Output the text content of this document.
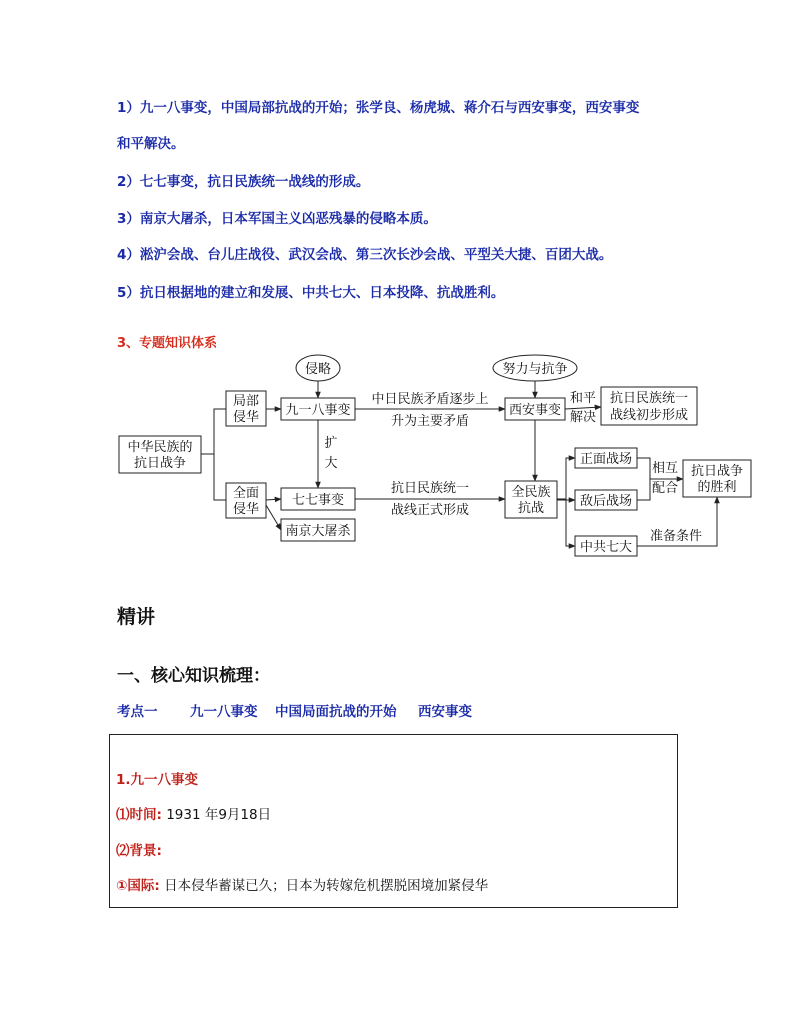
1）九一八事变，中国局部抗战的开始；张学良、杨虎城、蒋介石与西安事变，西安事变
和平解决。
2）七七事变，抗日民族统一战线的形成。
3）南京大屠杀，日本军国主义凶恶残暴的侵略本质。
4）淞沪会战、台儿庄战役、武汉会战、第三次长沙会战、平型关大捷、百团大战。
5）抗日根据地的建立和发展、中共七大、日本投降、抗战胜利。
3、专题知识体系
侵略	努力与抗争
中华民族的
抗日战争
局部
侵华
全面
侵华
九一八事变
七七事变
南京大屠杀
扩
大
中日民族矛盾逐步上
升为主要矛盾
西安事变
和平
解决
抗日民族统一
战线初步形成
抗日民族统一
战线正式形成
全民族
抗战
正面战场
敌后战场
中共七大
相互
配合
抗日战争
的胜利
准备条件
精讲
一、核心知识梳理：
考点一 九一八事变 中国局面抗战的开始 西安事变
1.九一八事变
⑴时间: 1931 年9月18日
⑵背景:
①国际: 日本侵华蓄谋已久；日本为转嫁危机摆脱困境加紧侵华
